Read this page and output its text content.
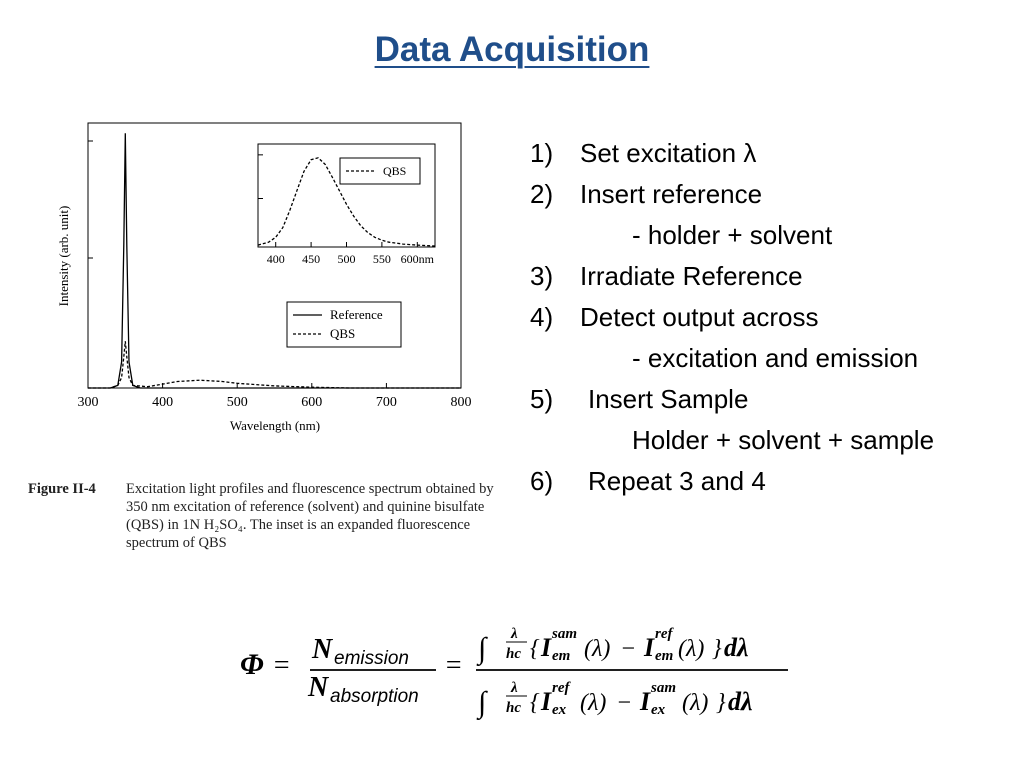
Data Acquisition
300	400	500	600	700	800
Wavelength (nm)
Intensity (arb. unit)
Reference
QBS
400 450 500 550 600nm
QBS
Figure II-4 Excitation light profiles and fluorescence spectrum obtained by 350 nm excitation of reference (solvent) and quinine bisulfate (QBS) in 1N H₂SO₄. The inset is an expanded fluorescence spectrum of QBS
1) Set excitation λ
2) Insert reference
- holder + solvent
3) Irradiate Reference
4) Detect output across
- excitation and emission
5) Insert Sample
Holder + solvent + sample
6) Repeat 3 and 4
Φ =
N emission
N absorption
=
∫ λ
hc { I sam
em (λ) − I ref
em (λ) } dλ
∫ λ
hc { I ref
ex (λ) − I sam
ex (λ) } dλ
